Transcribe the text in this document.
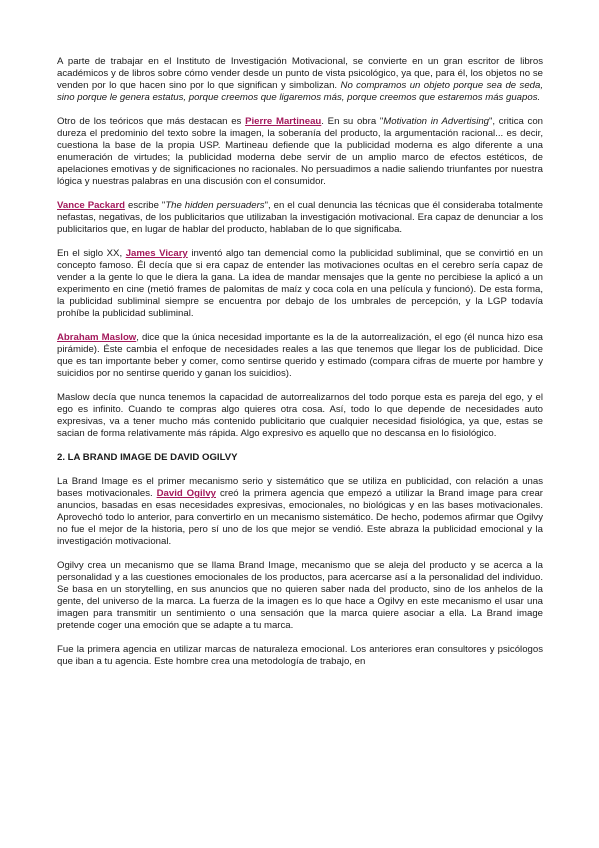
A parte de trabajar en el Instituto de Investigación Motivacional, se convierte en un gran escritor de libros académicos y de libros sobre cómo vender desde un punto de vista psicológico, ya que, para él, los objetos no se venden por lo que hacen sino por lo que significan y simbolizan. No compramos un objeto porque sea de seda, sino porque le genera estatus, porque creemos que ligaremos más, porque creemos que estaremos más guapos.

Otro de los teóricos que más destacan es Pierre Martineau. En su obra "Motivation in Advertising", critica con dureza el predominio del texto sobre la imagen, la soberanía del producto, la argumentación racional... es decir, cuestiona la base de la propia USP. Martineau defiende que la publicidad moderna es algo diferente a una enumeración de virtudes; la publicidad moderna debe servir de un amplio marco de efectos estéticos, de apelaciones emotivas y de significaciones no racionales. No persuadimos a nadie saliendo triunfantes por nuestra lógica y nuestras palabras en una discusión con el consumidor.

Vance Packard escribe "The hidden persuaders", en el cual denuncia las técnicas que él consideraba totalmente nefastas, negativas, de los publicitarios que utilizaban la investigación motivacional. Era capaz de denunciar a los publicitarios que, en lugar de hablar del producto, hablaban de lo que significaba.

En el siglo XX, James Vicary inventó algo tan demencial como la publicidad subliminal, que se convirtió en un concepto famoso. Él decía que si era capaz de entender las motivaciones ocultas en el cerebro sería capaz de vender a la gente lo que le diera la gana. La idea de mandar mensajes que la gente no percibiese la aplicó a un experimento en cine (metió frames de palomitas de maíz y coca cola en una película y funcionó). De esta forma, la publicidad subliminal siempre se encuentra por debajo de los umbrales de percepción, y la LGP todavía prohíbe la publicidad subliminal.

Abraham Maslow, dice que la única necesidad importante es la de la autorrealización, el ego (él nunca hizo esa pirámide). Éste cambia el enfoque de necesidades reales a las que tenemos que llegar los de publicidad. Dice que es tan importante beber y comer, como sentirse querido y estimado (compara cifras de muerte por hambre y suicidios por no sentirse querido y ganan los suicidios).

Maslow decía que nunca tenemos la capacidad de autorrealizarnos del todo porque esta es pareja del ego, y el ego es infinito. Cuando te compras algo quieres otra cosa. Así, todo lo que depende de necesidades auto expresivas, va a tener mucho más contenido publicitario que cualquier necesidad fisiológica, ya que, estas se sacian de forma relativamente más rápida. Algo expresivo es aquello que no descansa en lo fisiológico.

2. LA BRAND IMAGE DE DAVID OGILVY

La Brand Image es el primer mecanismo serio y sistemático que se utiliza en publicidad, con relación a unas bases motivacionales. David Ogilvy creó la primera agencia que empezó a utilizar la Brand image para crear anuncios, basadas en esas necesidades expresivas, emocionales, no biológicas y en las bases motivacionales. Aprovechó todo lo anterior, para convertirlo en un mecanismo sistemático. De hecho, podemos afirmar que Ogilvy no fue el mejor de la historia, pero sí uno de los que mejor se vendió. Este abraza la publicidad emocional y la investigación motivacional.

Ogilvy crea un mecanismo que se llama Brand Image, mecanismo que se aleja del producto y se acerca a la personalidad y a las cuestiones emocionales de los productos, para acercarse así a la personalidad del individuo. Se basa en un storytelling, en sus anuncios que no quieren saber nada del producto, sino de los anhelos de la gente, del universo de la marca. La fuerza de la imagen es lo que hace a Ogilvy en este mecanismo el usar una imagen para transmitir un sentimiento o una sensación que la marca quiere asociar a ella. La Brand image pretende coger una emoción que se adapte a tu marca.

Fue la primera agencia en utilizar marcas de naturaleza emocional. Los anteriores eran consultores y psicólogos que iban a tu agencia. Este hombre crea una metodología de trabajo, en
